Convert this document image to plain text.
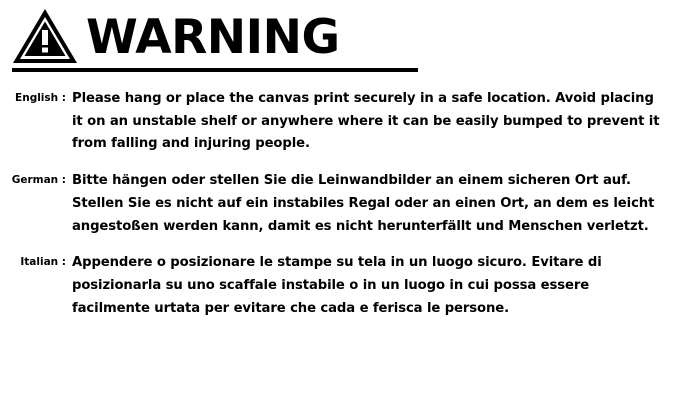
WARNING
English : Please hang or place the canvas print securely in a safe location. Avoid placing it on an unstable shelf or anywhere where it can be easily bumped to prevent it from falling and injuring people.
German : Bitte hängen oder stellen Sie die Leinwandbilder an einem sicheren Ort auf. Stellen Sie es nicht auf ein instabiles Regal oder an einen Ort, an dem es leicht angestoßen werden kann, damit es nicht herunterfällt und Menschen verletzt.
Italian : Appendere o posizionare le stampe su tela in un luogo sicuro. Evitare di posizionarla su uno scaffale instabile o in un luogo in cui possa essere facilmente urtata per evitare che cada e ferisca le persone.
